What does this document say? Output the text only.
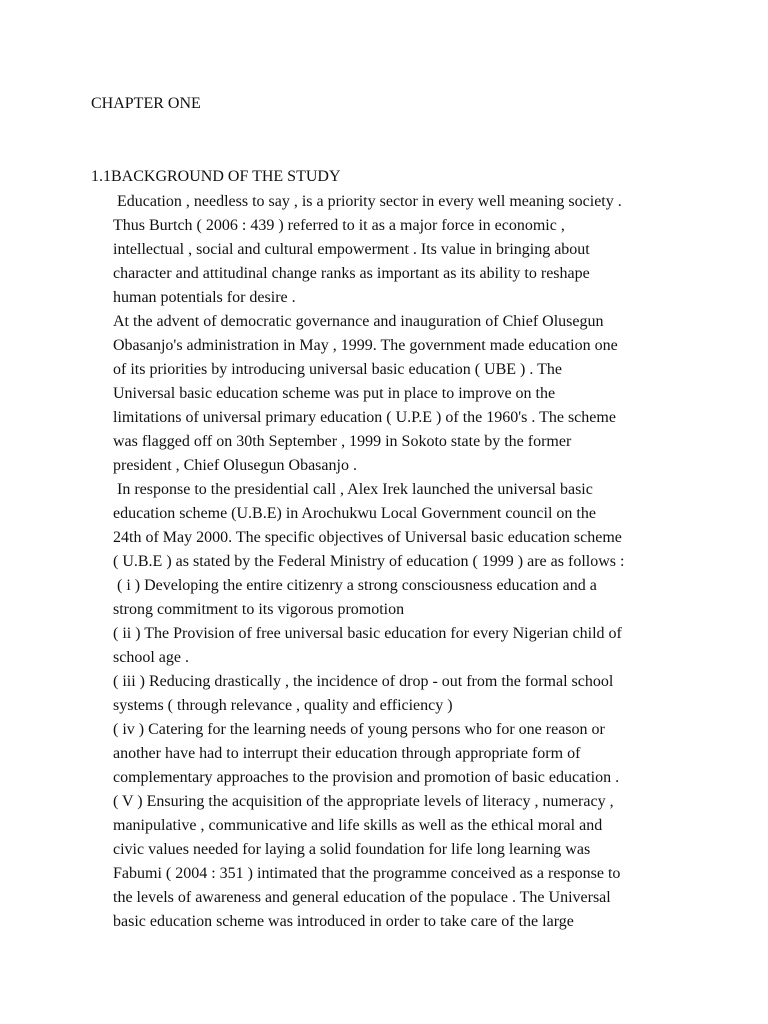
CHAPTER ONE
1.1BACKGROUND OF THE STUDY
Education , needless to say , is a priority sector in every well meaning society .
Thus Burtch ( 2006 : 439 ) referred to it as a major force in economic ,
intellectual , social and cultural empowerment . Its value in bringing about
character and attitudinal change ranks as important as its ability to reshape
human potentials for desire .
At the advent of democratic governance and inauguration of Chief Olusegun
Obasanjo's administration in May , 1999. The government made education one
of its priorities by introducing universal basic education ( UBE ) . The
Universal basic education scheme was put in place to improve on the
limitations of universal primary education ( U.P.E ) of the 1960's . The scheme
was flagged off on 30th September , 1999 in Sokoto state by the former
president , Chief Olusegun Obasanjo .
In response to the presidential call , Alex Irek launched the universal basic
education scheme (U.B.E) in Arochukwu Local Government council on the
24th of May 2000. The specific objectives of Universal basic education scheme
( U.B.E ) as stated by the Federal Ministry of education ( 1999 ) are as follows :
( i ) Developing the entire citizenry a strong consciousness education and a
strong commitment to its vigorous promotion
( ii ) The Provision of free universal basic education for every Nigerian child of
school age .
( iii ) Reducing drastically , the incidence of drop - out from the formal school
systems ( through relevance , quality and efficiency )
( iv ) Catering for the learning needs of young persons who for one reason or
another have had to interrupt their education through appropriate form of
complementary approaches to the provision and promotion of basic education .
( V ) Ensuring the acquisition of the appropriate levels of literacy , numeracy ,
manipulative , communicative and life skills as well as the ethical moral and
civic values needed for laying a solid foundation for life long learning was
Fabumi ( 2004 : 351 ) intimated that the programme conceived as a response to
the levels of awareness and general education of the populace . The Universal
basic education scheme was introduced in order to take care of the large
